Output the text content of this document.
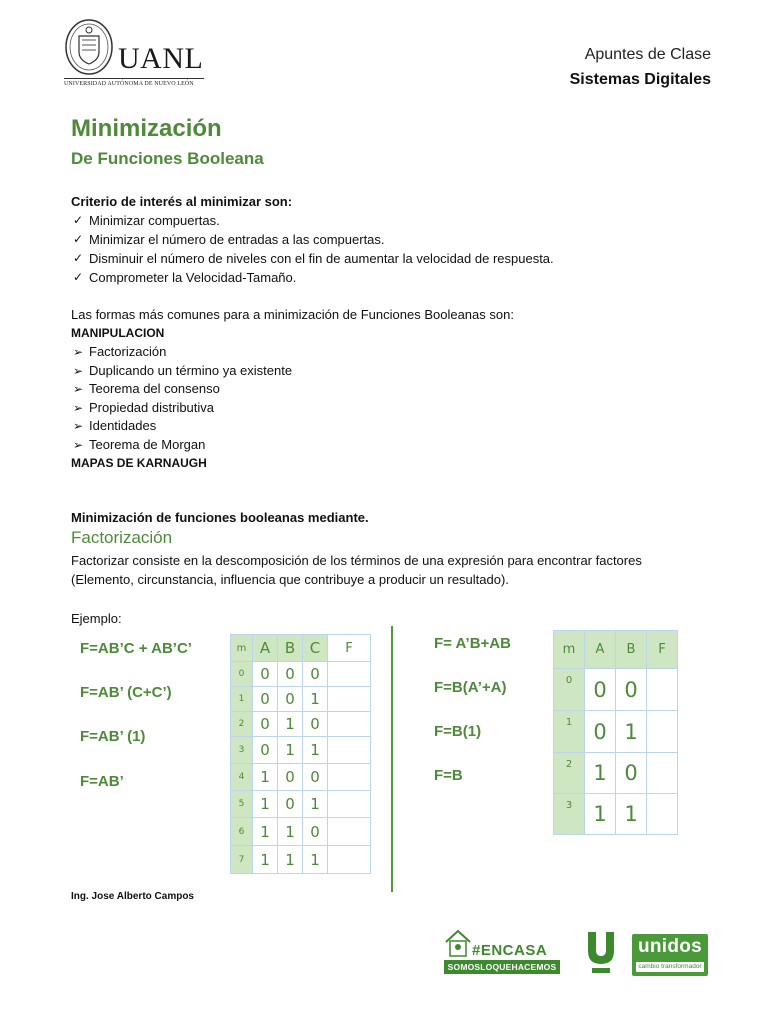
UANL
UNIVERSIDAD AUTÓNOMA DE NUEVO LEÓN
Apuntes de Clase
Sistemas Digitales
Minimización
De Funciones Booleana
Criterio de interés al minimizar son:
✓ Minimizar compuertas.
✓ Minimizar el número de entradas a las compuertas.
✓ Disminuir el número de niveles con el fin de aumentar la velocidad de respuesta.
✓ Comprometer la Velocidad-Tamaño.
Las formas más comunes para a minimización de Funciones Booleanas son:
MANIPULACION
➢ Factorización
➢ Duplicando un término ya existente
➢ Teorema del consenso
➢ Propiedad distributiva
➢ Identidades
➢ Teorema de Morgan
MAPAS DE KARNAUGH
Minimización de funciones booleanas mediante.
Factorización
Factorizar consiste en la descomposición de los términos de una expresión para encontrar factores
(Elemento, circunstancia, influencia que contribuye a producir un resultado).
Ejemplo:
F=AB’C + AB’C’
F=AB’ (C+C’)
F=AB’ (1)
F=AB’
m	A	B	C	F
0	0	0	0	
1	0	0	1	
2	0	1	0	
3	0	1	1	
4	1	0	0	
5	1	0	1	
6	1	1	0	
7	1	1	1	
F= A’B+AB
F=B(A’+A)
F=B(1)
F=B
m	A	B	F
0	0	0	
1	0	1	
2	1	0	
3	1	1	
Ing. Jose Alberto Campos
#ENCASA
SOMOSLOQUEHACEMOS
unidos
cambio transformador
